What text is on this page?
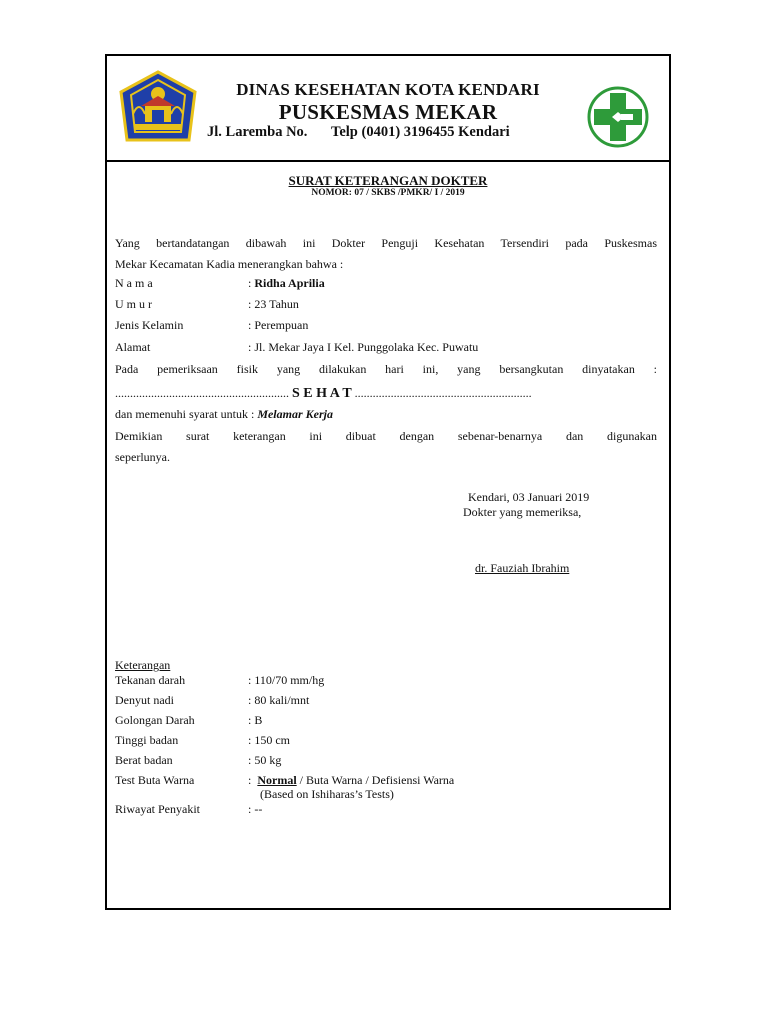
DINAS KESEHATAN KOTA KENDARI
PUSKESMAS MEKAR
Jl. Laremba No. Telp (0401) 3196455 Kendari
SURAT KETERANGAN DOKTER
NOMOR: 07 / SKBS /PMKR/ I / 2019
Yang bertandatangan dibawah ini Dokter Penguji Kesehatan Tersendiri pada Puskesmas
Mekar Kecamatan Kadia menerangkan bahwa :
N a m a	: Ridha Aprilia
U m u r	: 23 Tahun
Jenis Kelamin	: Perempuan
Alamat	: Jl. Mekar Jaya I Kel. Punggolaka Kec. Puwatu
Pada pemeriksaan fisik yang dilakukan hari ini, yang bersangkutan dinyatakan :
.......................................................... S E H A T ...........................................................
dan memenuhi syarat untuk : Melamar Kerja
Demikian surat keterangan ini dibuat dengan sebenar-benarnya dan digunakan
seperlunya.
Kendari, 03 Januari 2019
Dokter yang memeriksa,
dr. Fauziah Ibrahim
Keterangan
Tekanan darah	: 110/70 mm/hg
Denyut nadi	: 80 kali/mnt
Golongan Darah	: B
Tinggi badan	: 150 cm
Berat badan	: 50 kg
Test Buta Warna	: Normal / Buta Warna / Defisiensi Warna
(Based on Ishiharas’s Tests)
Riwayat Penyakit	: --
